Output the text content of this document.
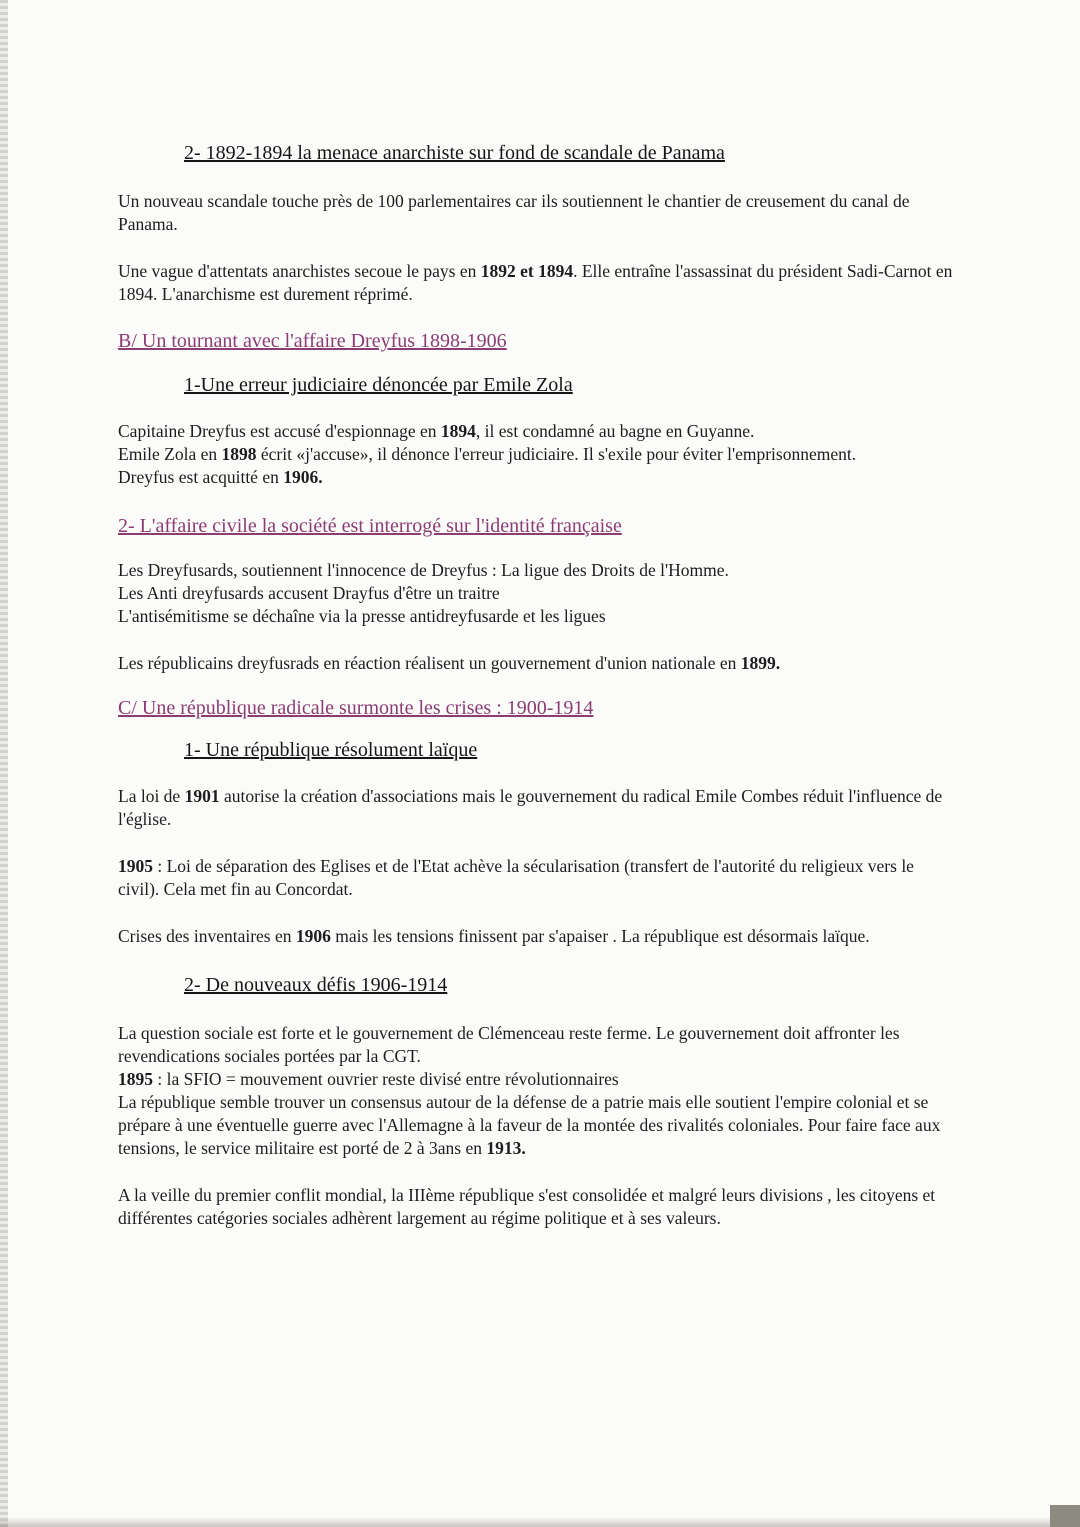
2- 1892-1894 la menace anarchiste sur fond de scandale de Panama

Un nouveau scandale touche près de 100 parlementaires car ils soutiennent le chantier de creusement du canal de Panama.

Une vague d'attentats anarchistes secoue le pays en 1892 et 1894. Elle entraîne l'assassinat du président Sadi-Carnot en 1894. L'anarchisme est durement réprimé.

B/ Un tournant avec l'affaire Dreyfus 1898-1906
1-Une erreur judiciaire dénoncée par Emile Zola

Capitaine Dreyfus est accusé d'espionnage en 1894, il est condamné au bagne en Guyanne.
Emile Zola en 1898 écrit «j'accuse», il dénonce l'erreur judiciaire. Il s'exile pour éviter l'emprisonnement.
Dreyfus est acquitté en 1906.

2- L'affaire civile la société est interrogé sur l'identité française

Les Dreyfusards, soutiennent l'innocence de Dreyfus : La ligue des Droits de l'Homme.
Les Anti dreyfusards accusent Drayfus d'être un traitre
L'antisémitisme se déchaîne via la presse antidreyfusarde et les ligues

Les républicains dreyfusrads en réaction réalisent un gouvernement d'union nationale en 1899.

C/ Une république radicale surmonte les crises : 1900-1914
1- Une république résolument laïque

La loi de 1901 autorise la création d'associations mais le gouvernement du radical Emile Combes réduit l'influence de l'église.

1905 : Loi de séparation des Eglises et de l'Etat achève la sécularisation (transfert de l'autorité du religieux vers le civil). Cela met fin au Concordat.

Crises des inventaires en 1906 mais les tensions finissent par s'apaiser . La république est désormais laïque.

2- De nouveaux défis 1906-1914

La question sociale est forte et le gouvernement de Clémenceau reste ferme. Le gouvernement doit affronter les revendications sociales portées par la CGT.
1895 : la SFIO = mouvement ouvrier reste divisé entre révolutionnaires
La république semble trouver un consensus autour de la défense de a patrie mais elle soutient l'empire colonial et se prépare à une éventuelle guerre avec l'Allemagne à la faveur de la montée des rivalités coloniales. Pour faire face aux tensions, le service militaire est porté de 2 à 3ans en 1913.

A la veille du premier conflit mondial, la IIIème république s'est consolidée et malgré leurs divisions , les citoyens et différentes catégories sociales adhèrent largement au régime politique et à ses valeurs.
